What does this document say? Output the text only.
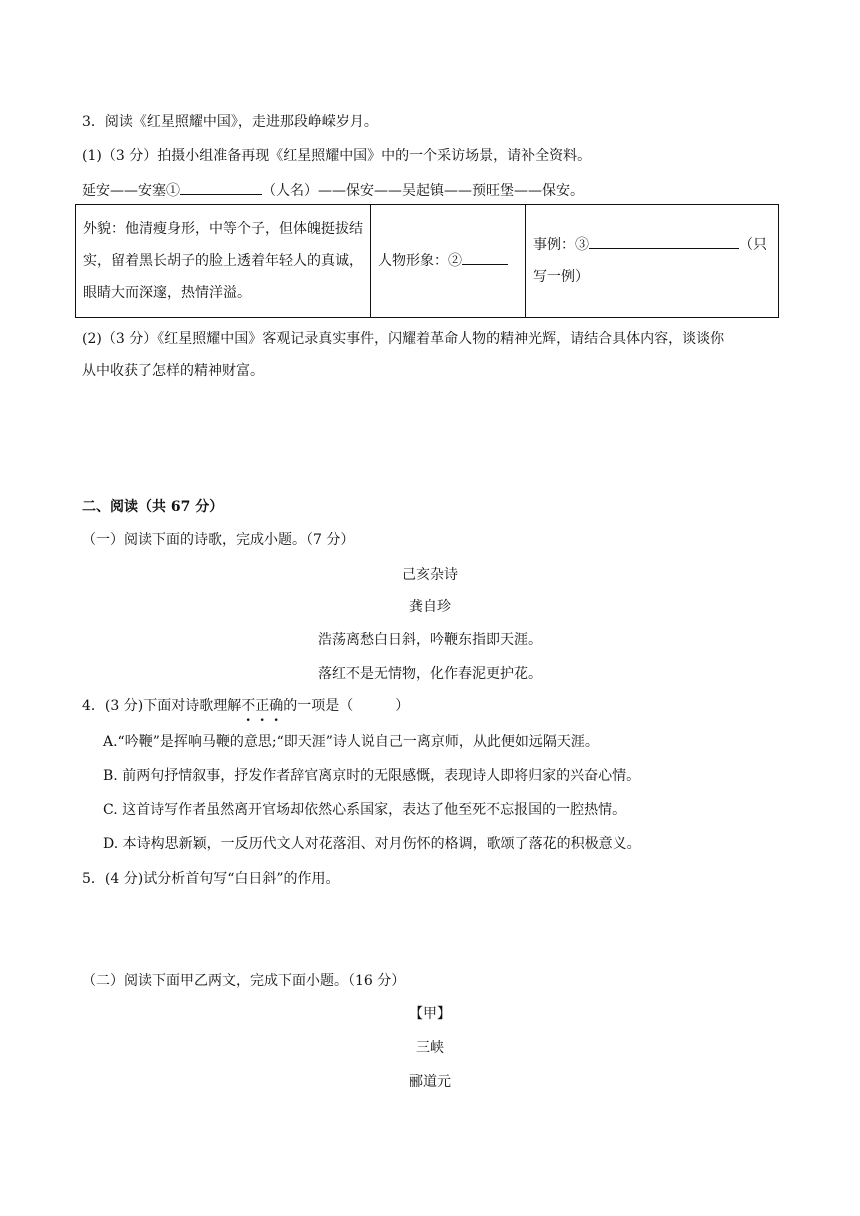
3．阅读《红星照耀中国》，走进那段峥嵘岁月。
(1)（3 分）拍摄小组准备再现《红星照耀中国》中的一个采访场景，请补全资料。
延安——安塞①	（人名）——保安——吴起镇——预旺堡——保安。
外貌：他清瘦身形，中等个子，但体魄挺拔结实，留着黑长胡子的脸上透着年轻人的真诚，眼睛大而深邃，热情洋溢。	人物形象：②	事例：③	（只写一例）
(2)（3 分）《红星照耀中国》客观记录真实事件，闪耀着革命人物的精神光辉，请结合具体内容，谈谈你
从中收获了怎样的精神财富。
二、阅读（共 67 分）
（一）阅读下面的诗歌，完成小题。（7 分）
己亥杂诗
龚自珍
浩荡离愁白日斜，吟鞭东指即天涯。
落红不是无情物，化作春泥更护花。
4．(3 分)下面对诗歌理解不正确的一项是（　　　）
A.“吟鞭”是挥响马鞭的意思;“即天涯”诗人说自己一离京师，从此便如远隔天涯。
B. 前两句抒情叙事，抒发作者辞官离京时的无限感慨，表现诗人即将归家的兴奋心情。
C. 这首诗写作者虽然离开官场却依然心系国家，表达了他至死不忘报国的一腔热情。
D. 本诗构思新颖，一反历代文人对花落泪、对月伤怀的格调，歌颂了落花的积极意义。
5．(4 分)试分析首句写“白日斜”的作用。
（二）阅读下面甲乙两文，完成下面小题。（16 分）
【甲】
三峡
郦道元
